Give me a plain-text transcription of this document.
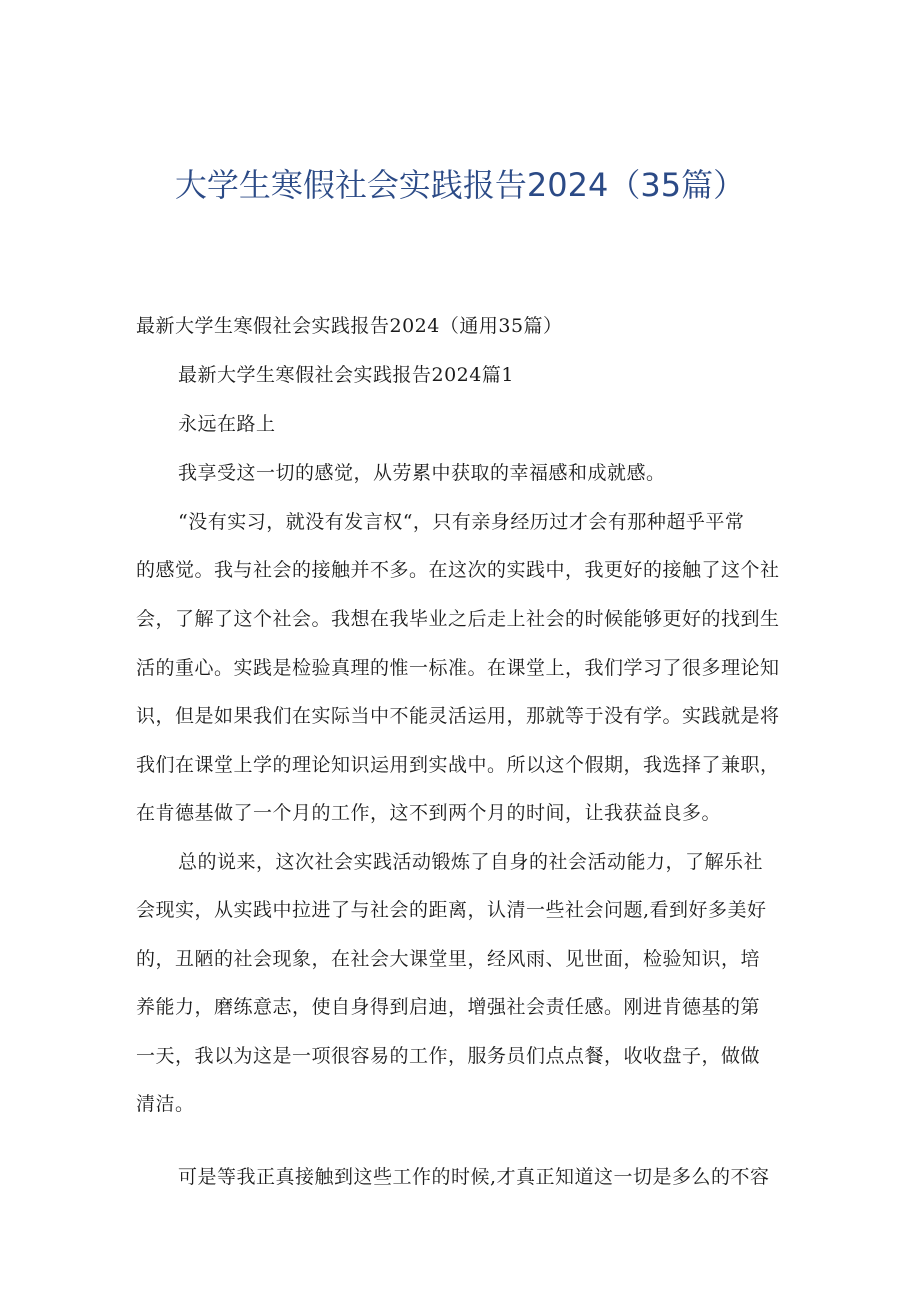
大学生寒假社会实践报告2024（35篇）

最新大学生寒假社会实践报告2024（通用35篇）

最新大学生寒假社会实践报告2024篇1

永远在路上

我享受这一切的感觉，从劳累中获取的幸福感和成就感。

“没有实习，就没有发言权“，只有亲身经历过才会有那种超乎平常

的感觉。我与社会的接触并不多。在这次的实践中，我更好的接触了这个社

会，了解了这个社会。我想在我毕业之后走上社会的时候能够更好的找到生

活的重心。实践是检验真理的惟一标准。在课堂上，我们学习了很多理论知

识，但是如果我们在实际当中不能灵活运用，那就等于没有学。实践就是将

我们在课堂上学的理论知识运用到实战中。所以这个假期，我选择了兼职，

在肯德基做了一个月的工作，这不到两个月的时间，让我获益良多。

总的说来，这次社会实践活动锻炼了自身的社会活动能力，了解乐社

会现实，从实践中拉进了与社会的距离，认清一些社会问题,看到好多美好

的，丑陋的社会现象，在社会大课堂里，经风雨、见世面，检验知识，培

养能力，磨练意志，使自身得到启迪，增强社会责任感。刚进肯德基的第

一天，我以为这是一项很容易的工作，服务员们点点餐，收收盘子，做做

清洁。

可是等我正真接触到这些工作的时候,才真正知道这一切是多么的不容
